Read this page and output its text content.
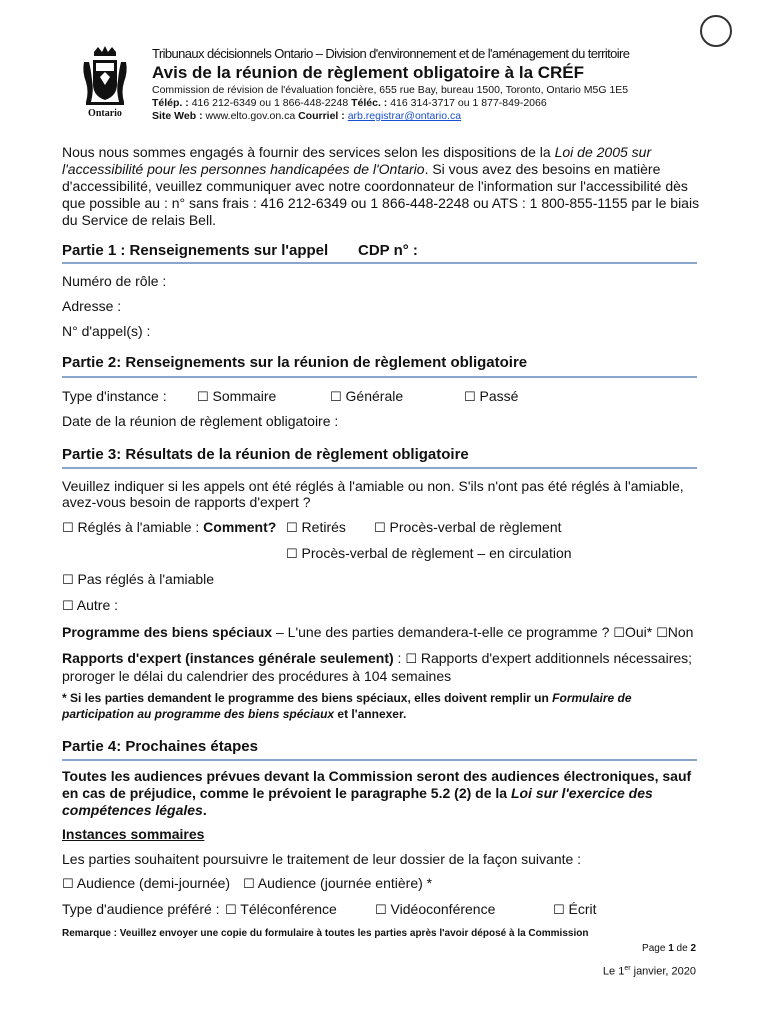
Ontario
Tribunaux décisionnels Ontario – Division d'environnement et de l'aménagement du territoire
Avis de la réunion de règlement obligatoire à la CRÉF
Commission de révision de l'évaluation foncière, 655 rue Bay, bureau 1500, Toronto, Ontario M5G 1E5
Télép. : 416 212-6349 ou 1 866-448-2248 Téléc. : 416 314-3717 ou 1 877-849-2066
Site Web : www.elto.gov.on.ca Courriel : arb.registrar@ontario.ca
Nous nous sommes engagés à fournir des services selon les dispositions de la Loi de 2005 sur l'accessibilité pour les personnes handicapées de l'Ontario. Si vous avez des besoins en matière d'accessibilité, veuillez communiquer avec notre coordonnateur de l'information sur l'accessibilité dès que possible au : n° sans frais : 416 212-6349 ou 1 866-448-2248 ou ATS : 1 800-855-1155 par le biais du Service de relais Bell.
Partie 1 : Renseignements sur l'appel CDP n° :
Numéro de rôle :
Adresse :
N° d'appel(s) :
Partie 2: Renseignements sur la réunion de règlement obligatoire
Type d'instance : ☐ Sommaire	☐ Générale	☐ Passé
Date de la réunion de règlement obligatoire :
Partie 3: Résultats de la réunion de règlement obligatoire
Veuillez indiquer si les appels ont été réglés à l'amiable ou non. S'ils n'ont pas été réglés à l'amiable, avez-vous besoin de rapports d'expert ?
☐ Réglés à l'amiable : Comment? ☐ Retirés ☐ Procès-verbal de règlement
☐ Procès-verbal de règlement – en circulation
☐ Pas réglés à l'amiable
☐ Autre :
Programme des biens spéciaux – L'une des parties demandera-t-elle ce programme ? ☐Oui* ☐Non
Rapports d'expert (instances générale seulement) : ☐ Rapports d'expert additionnels nécessaires;
proroger le délai du calendrier des procédures à 104 semaines
* Si les parties demandent le programme des biens spéciaux, elles doivent remplir un Formulaire de participation au programme des biens spéciaux et l'annexer.
Partie 4: Prochaines étapes
Toutes les audiences prévues devant la Commission seront des audiences électroniques, sauf en cas de préjudice, comme le prévoient le paragraphe 5.2 (2) de la Loi sur l'exercice des compétences légales.
Instances sommaires
Les parties souhaitent poursuivre le traitement de leur dossier de la façon suivante :
☐ Audience (demi-journée) ☐ Audience (journée entière) *
Type d'audience préféré : ☐ Téléconférence	☐ Vidéoconférence	☐ Écrit
Remarque : Veuillez envoyer une copie du formulaire à toutes les parties après l'avoir déposé à la Commission
Page 1 de 2
Le 1er janvier, 2020
